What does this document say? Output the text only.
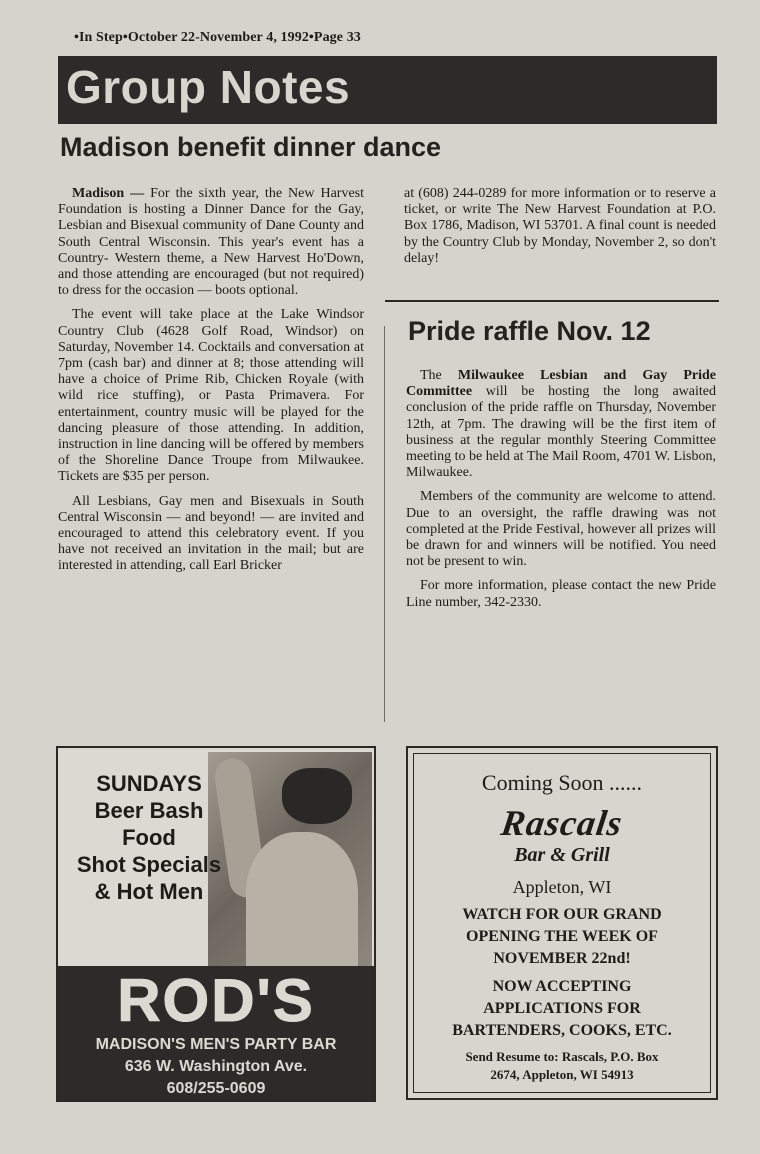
•In Step•October 22-November 4, 1992•Page 33
Group Notes
Madison benefit dinner dance

Madison — For the sixth year, the New Harvest Foundation is hosting a Dinner Dance for the Gay, Lesbian and Bisexual community of Dane County and South Central Wisconsin. This year's event has a Country- Western theme, a New Harvest Ho'Down, and those attending are encouraged (but not required) to dress for the occasion — boots optional.

The event will take place at the Lake Windsor Country Club (4628 Golf Road, Windsor) on Saturday, November 14. Cocktails and conversation at 7pm (cash bar) and dinner at 8; those attending will have a choice of Prime Rib, Chicken Royale (with wild rice stuffing), or Pasta Primavera. For entertainment, country music will be played for the dancing pleasure of those attending. In addition, instruction in line dancing will be offered by members of the Shoreline Dance Troupe from Milwaukee. Tickets are $35 per person.

All Lesbians, Gay men and Bisexuals in South Central Wisconsin — and beyond! — are invited and encouraged to attend this celebratory event. If you have not received an invitation in the mail; but are interested in attending, call Earl Bricker

at (608) 244-0289 for more information or to reserve a ticket, or write The New Harvest Foundation at P.O. Box 1786, Madison, WI 53701. A final count is needed by the Country Club by Monday, November 2, so don't delay!

Pride raffle Nov. 12

The Milwaukee Lesbian and Gay Pride Committee will be hosting the long awaited conclusion of the pride raffle on Thursday, November 12th, at 7pm. The drawing will be the first item of business at the regular monthly Steering Committee meeting to be held at The Mail Room, 4701 W. Lisbon, Milwaukee.

Members of the community are welcome to attend. Due to an oversight, the raffle drawing was not completed at the Pride Festival, however all prizes will be drawn for and winners will be notified. You need not be present to win.

For more information, please contact the new Pride Line number, 342-2330.

SUNDAYS
Beer Bash
Food
Shot Specials
& Hot Men
ROD'S
MADISON'S MEN'S PARTY BAR
636 W. Washington Ave.
608/255-0609
Coming Soon ......
Rascals
Bar & Grill
Appleton, WI
WATCH FOR OUR GRAND
OPENING THE WEEK OF
NOVEMBER 22nd!
NOW ACCEPTING
APPLICATIONS FOR
BARTENDERS, COOKS, ETC.
Send Resume to: Rascals, P.O. Box
2674, Appleton, WI 54913
